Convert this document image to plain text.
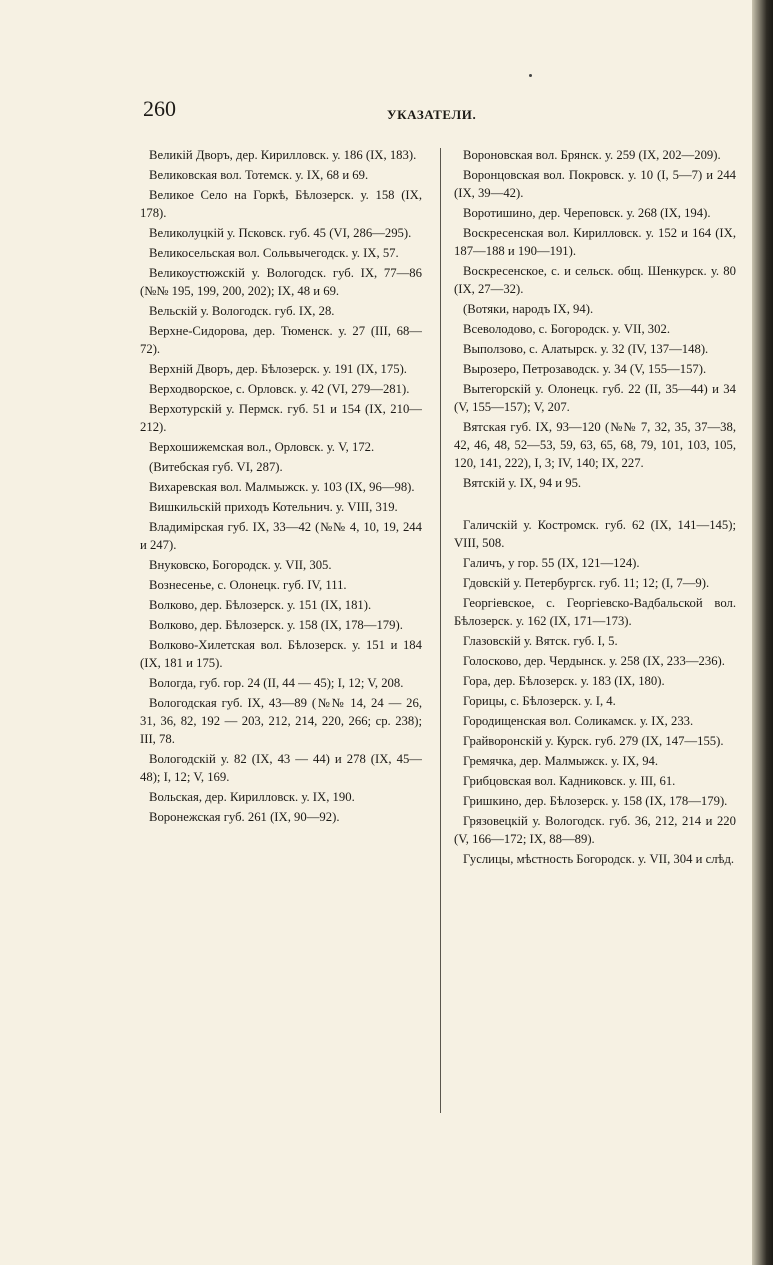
260	УКАЗАТЕЛИ.

Великій Дворъ, дер. Кирилловск. у. 186 (IX, 183).

Великовская вол. Тотемск. у. IX, 68 и 69.

Великое Село на Горкѣ, Бѣлозерск. у. 158 (IX, 178).

Великолуцкій у. Псковск. губ. 45 (VI, 286—295).

Великосельская вол. Сольвычегодск. у. IX, 57.

Великоустюжскій у. Вологодск. губ. IX, 77—86 (№№ 195, 199, 200, 202); IX, 48 и 69.

Вельскій у. Вологодск. губ. IX, 28.

Верхне-Сидорова, дер. Тюменск. у. 27 (III, 68—72).

Верхній Дворъ, дер. Бѣлозерск. у. 191 (IX, 175).

Верходворское, с. Орловск. у. 42 (VI, 279—281).

Верхотурскій у. Пермск. губ. 51 и 154 (IX, 210—212).

Верхошижемская вол., Орловск. у. V, 172.

(Витебская губ. VI, 287).

Вихаревская вол. Малмыжск. у. 103 (IX, 96—98).

Вишкильскій приходъ Котельнич. у. VIII, 319.

Владимірская губ. IX, 33—42 (№№ 4, 10, 19, 244 и 247).

Внуковско, Богородск. у. VII, 305.

Вознесенье, с. Олонецк. губ. IV, 111.

Волково, дер. Бѣлозерск. у. 151 (IX, 181).

Волково, дер. Бѣлозерск. у. 158 (IX, 178—179).

Волково-Хилетская вол. Бѣлозерск. у. 151 и 184 (IX, 181 и 175).

Вологда, губ. гор. 24 (II, 44 — 45); I, 12; V, 208.

Вологодская губ. IX, 43—89 (№№ 14, 24 — 26, 31, 36, 82, 192 — 203, 212, 214, 220, 266; ср. 238); III, 78.

Вологодскій у. 82 (IX, 43 — 44) и 278 (IX, 45—48); I, 12; V, 169.

Вольская, дер. Кирилловск. у. IX, 190.

Воронежская губ. 261 (IX, 90—92).

Вороновская вол. Брянск. у. 259 (IX, 202—209).

Воронцовская вол. Покровск. у. 10 (I, 5—7) и 244 (IX, 39—42).

Воротишино, дер. Череповск. у. 268 (IX, 194).

Воскресенская вол. Кирилловск. у. 152 и 164 (IX, 187—188 и 190—191).

Воскресенское, с. и сельск. общ. Шенкурск. у. 80 (IX, 27—32).

(Вотяки, народъ IX, 94).

Всеволодово, с. Богородск. у. VII, 302.

Выползово, с. Алатырск. у. 32 (IV, 137—148).

Вырозеро, Петрозаводск. у. 34 (V, 155—157).

Вытегорскій у. Олонецк. губ. 22 (II, 35—44) и 34 (V, 155—157); V, 207.

Вятская губ. IX, 93—120 (№№ 7, 32, 35, 37—38, 42, 46, 48, 52—53, 59, 63, 65, 68, 79, 101, 103, 105, 120, 141, 222), I, 3; IV, 140; IX, 227.

Вятскій у. IX, 94 и 95.

Галичскій у. Костромск. губ. 62 (IX, 141—145); VIII, 508.

Галичъ, у гор. 55 (IX, 121—124).

Гдовскій у. Петербургск. губ. 11; 12; (I, 7—9).

Георгіевское, с. Георгіевско-Вадбальской вол. Бѣлозерск. у. 162 (IX, 171—173).

Глазовскій у. Вятск. губ. I, 5.

Голосково, дер. Чердынск. у. 258 (IX, 233—236).

Гора, дер. Бѣлозерск. у. 183 (IX, 180).

Горицы, с. Бѣлозерск. у. I, 4.

Городищенская вол. Соликамск. у. IX, 233.

Грайворонскій у. Курск. губ. 279 (IX, 147—155).

Гремячка, дер. Малмыжск. у. IX, 94.

Грибцовская вол. Кадниковск. у. III, 61.

Гришкино, дер. Бѣлозерск. у. 158 (IX, 178—179).

Грязовецкій у. Вологодск. губ. 36, 212, 214 и 220 (V, 166—172; IX, 88—89).

Гуслицы, мѣстность Богородск. у. VII, 304 и слѣд.
